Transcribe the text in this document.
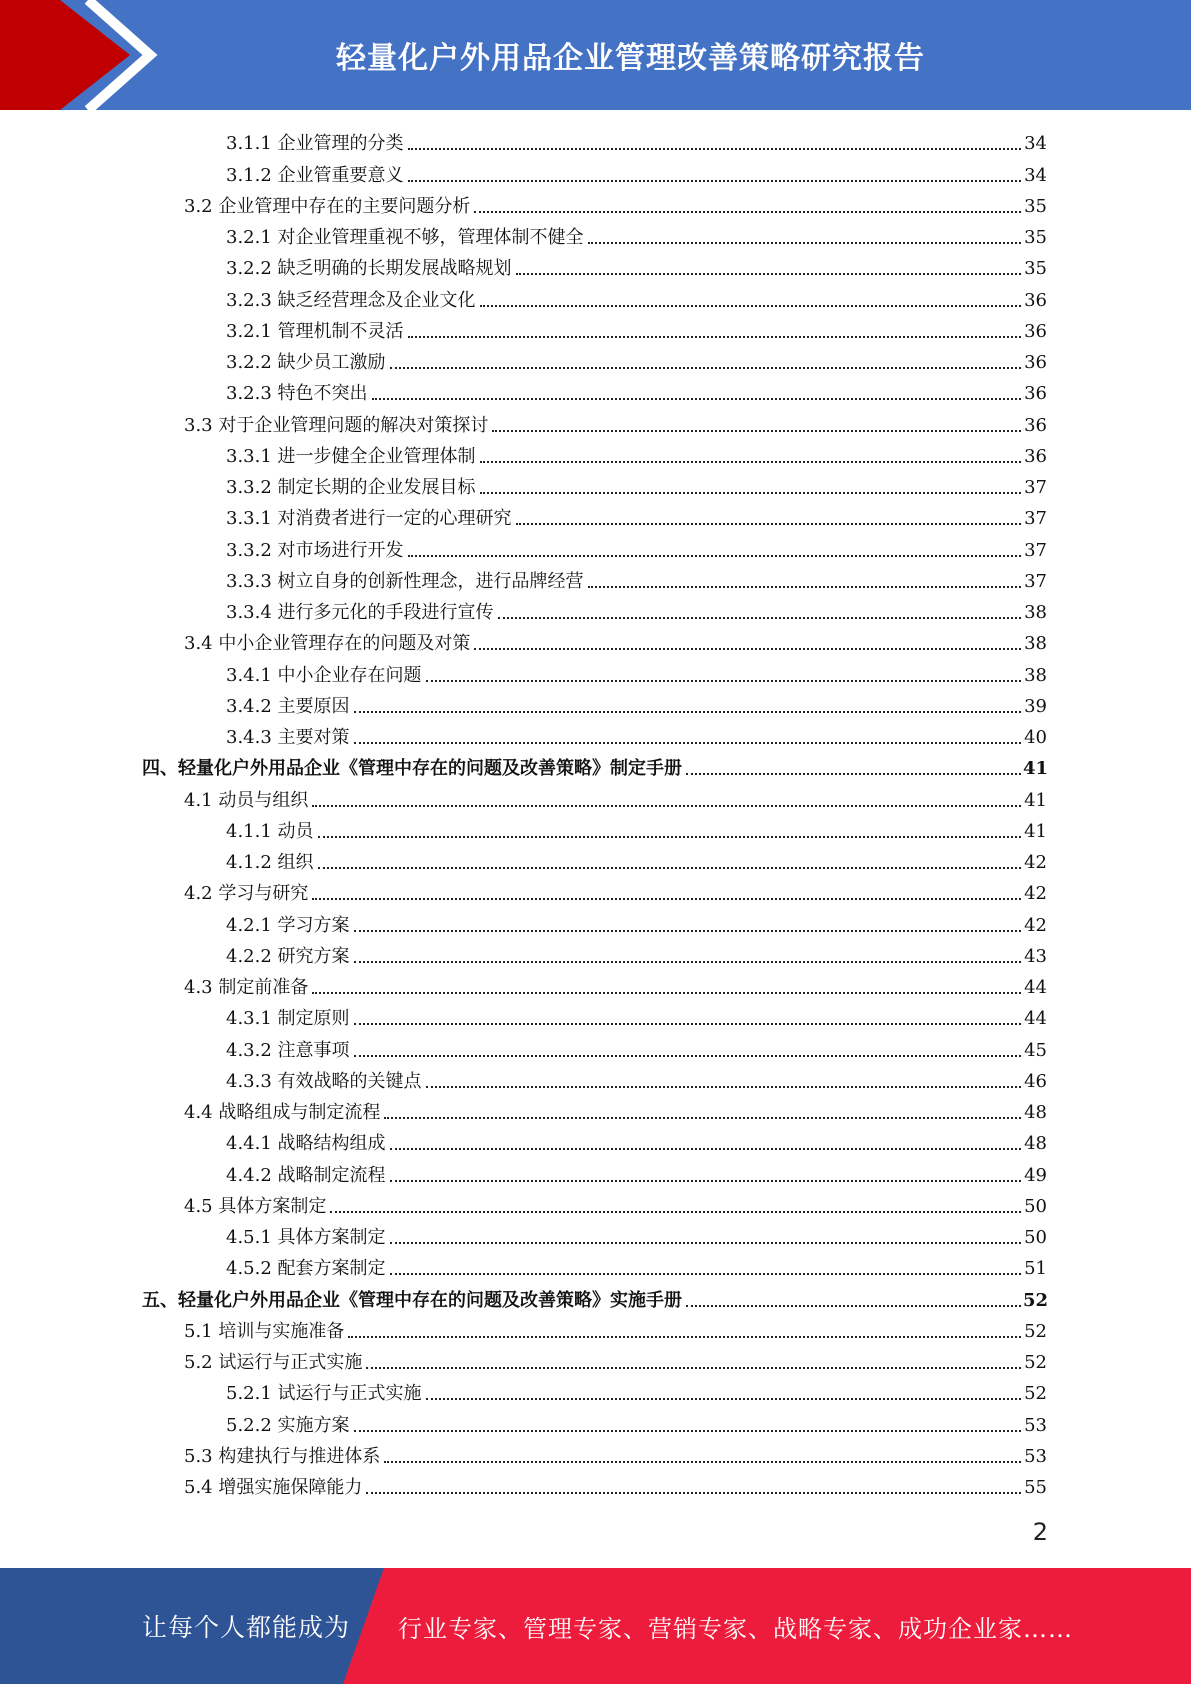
轻量化户外用品企业管理改善策略研究报告
3.1.1 企业管理的分类	34
3.1.2 企业管重要意义	34
3.2 企业管理中存在的主要问题分析	35
3.2.1 对企业管理重视不够，管理体制不健全	35
3.2.2 缺乏明确的长期发展战略规划	35
3.2.3 缺乏经营理念及企业文化	36
3.2.1 管理机制不灵活	36
3.2.2 缺少员工激励	36
3.2.3 特色不突出	36
3.3 对于企业管理问题的解决对策探讨	36
3.3.1 进一步健全企业管理体制	36
3.3.2 制定长期的企业发展目标	37
3.3.1 对消费者进行一定的心理研究	37
3.3.2 对市场进行开发	37
3.3.3 树立自身的创新性理念，进行品牌经营	37
3.3.4 进行多元化的手段进行宣传	38
3.4 中小企业管理存在的问题及对策	38
3.4.1 中小企业存在问题	38
3.4.2 主要原因	39
3.4.3 主要对策	40
四、轻量化户外用品企业《管理中存在的问题及改善策略》制定手册	41
4.1 动员与组织	41
4.1.1 动员	41
4.1.2 组织	42
4.2 学习与研究	42
4.2.1 学习方案	42
4.2.2 研究方案	43
4.3 制定前准备	44
4.3.1 制定原则	44
4.3.2 注意事项	45
4.3.3 有效战略的关键点	46
4.4 战略组成与制定流程	48
4.4.1 战略结构组成	48
4.4.2 战略制定流程	49
4.5 具体方案制定	50
4.5.1 具体方案制定	50
4.5.2 配套方案制定	51
五、轻量化户外用品企业《管理中存在的问题及改善策略》实施手册	52
5.1 培训与实施准备	52
5.2 试运行与正式实施	52
5.2.1 试运行与正式实施	52
5.2.2 实施方案	53
5.3 构建执行与推进体系	53
5.4 增强实施保障能力	55
2
让每个人都能成为 行业专家、管理专家、营销专家、战略专家、成功企业家……
